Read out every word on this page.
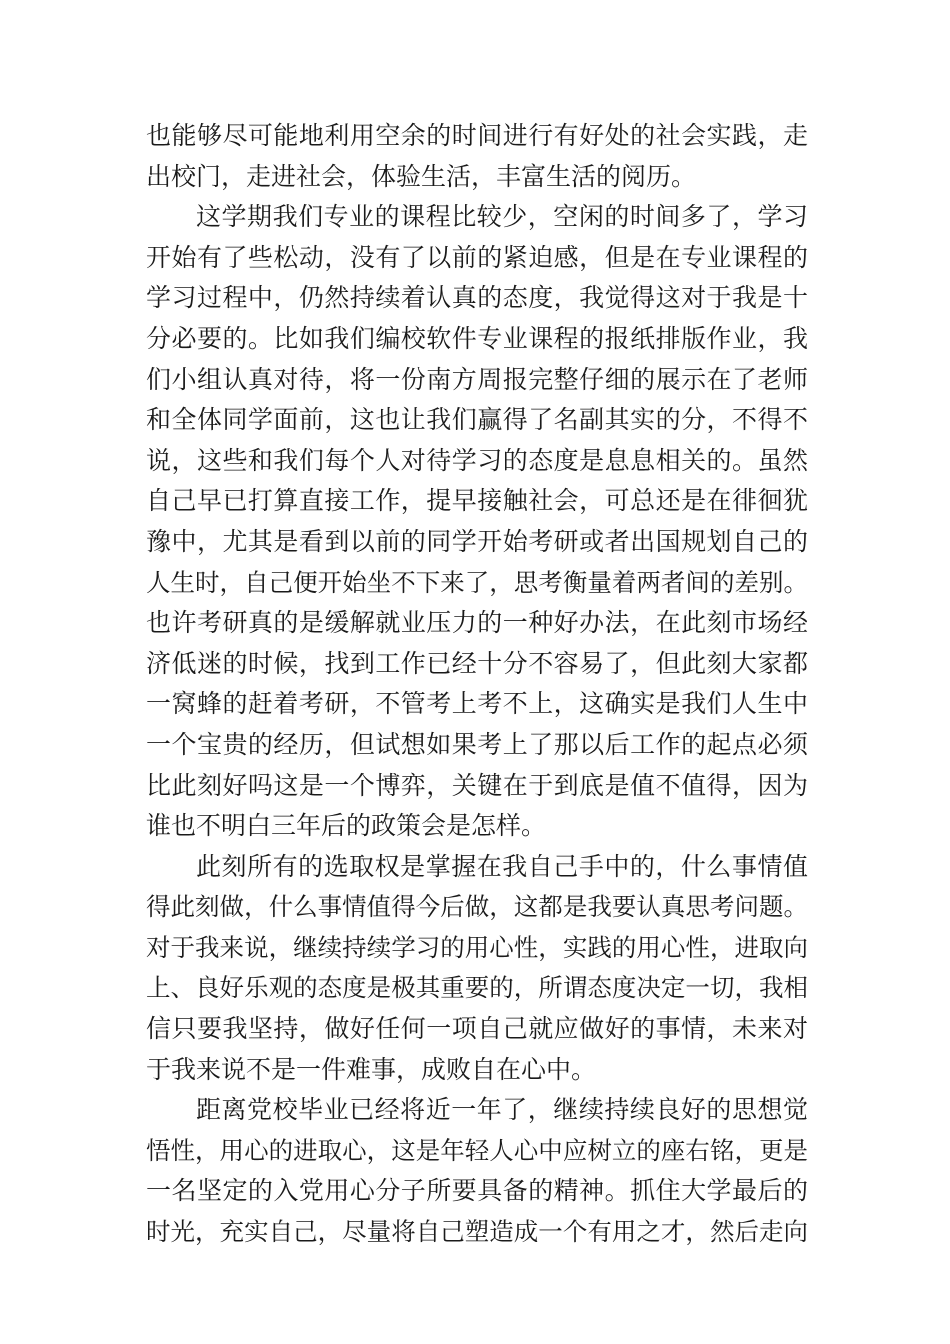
也能够尽可能地利用空余的时间进行有好处的社会实践，走
出校门，走进社会，体验生活，丰富生活的阅历。
这学期我们专业的课程比较少，空闲的时间多了，学习
开始有了些松动，没有了以前的紧迫感，但是在专业课程的
学习过程中，仍然持续着认真的态度，我觉得这对于我是十
分必要的。比如我们编校软件专业课程的报纸排版作业，我
们小组认真对待，将一份南方周报完整仔细的展示在了老师
和全体同学面前，这也让我们赢得了名副其实的分，不得不
说，这些和我们每个人对待学习的态度是息息相关的。虽然
自己早已打算直接工作，提早接触社会，可总还是在徘徊犹
豫中，尤其是看到以前的同学开始考研或者出国规划自己的
人生时，自己便开始坐不下来了，思考衡量着两者间的差别。
也许考研真的是缓解就业压力的一种好办法，在此刻市场经
济低迷的时候，找到工作已经十分不容易了，但此刻大家都
一窝蜂的赶着考研，不管考上考不上，这确实是我们人生中
一个宝贵的经历，但试想如果考上了那以后工作的起点必须
比此刻好吗这是一个博弈，关键在于到底是值不值得，因为
谁也不明白三年后的政策会是怎样。
此刻所有的选取权是掌握在我自己手中的，什么事情值
得此刻做，什么事情值得今后做，这都是我要认真思考问题。
对于我来说，继续持续学习的用心性，实践的用心性，进取向
上、良好乐观的态度是极其重要的，所谓态度决定一切，我相
信只要我坚持，做好任何一项自己就应做好的事情，未来对
于我来说不是一件难事，成败自在心中。
距离党校毕业已经将近一年了，继续持续良好的思想觉
悟性，用心的进取心，这是年轻人心中应树立的座右铭，更是
一名坚定的入党用心分子所要具备的精神。抓住大学最后的
时光，充实自己，尽量将自己塑造成一个有用之才，然后走向
